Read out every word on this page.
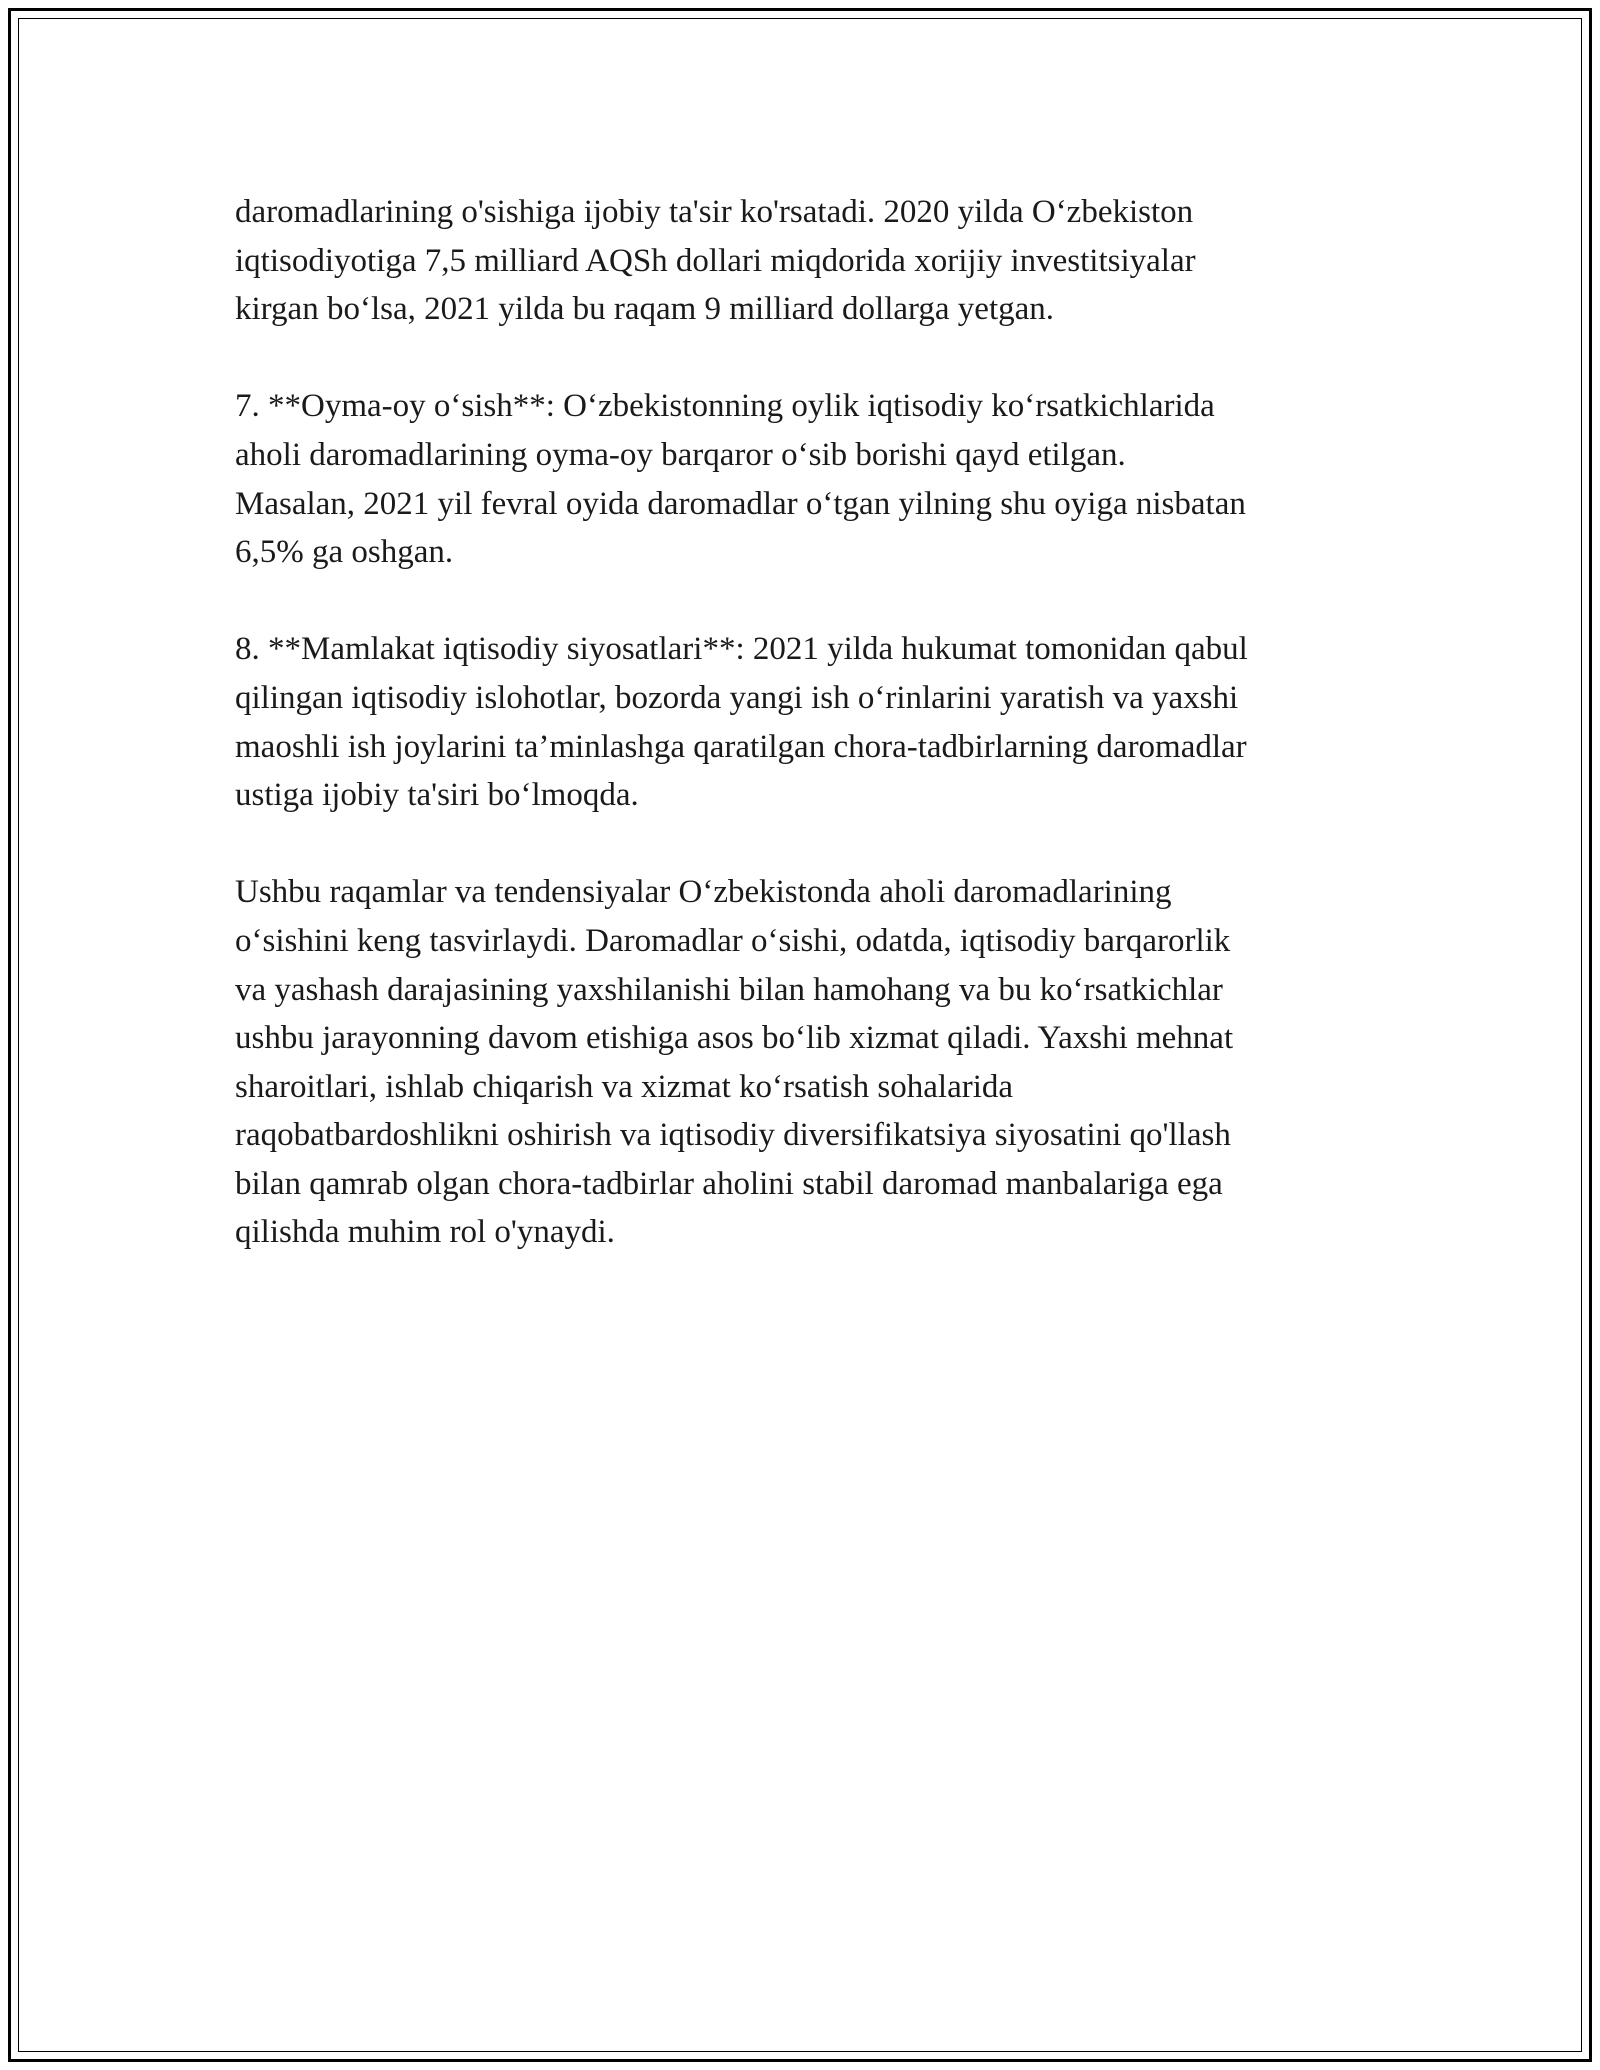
daromadlarining o'sishiga ijobiy ta'sir ko'rsatadi. 2020 yilda O‘zbekiston
iqtisodiyotiga 7,5 milliard AQSh dollari miqdorida xorijiy investitsiyalar
kirgan bo‘lsa, 2021 yilda bu raqam 9 milliard dollarga yetgan.

7. **Oyma-oy o‘sish**: O‘zbekistonning oylik iqtisodiy ko‘rsatkichlarida
aholi daromadlarining oyma-oy barqaror o‘sib borishi qayd etilgan.
Masalan, 2021 yil fevral oyida daromadlar o‘tgan yilning shu oyiga nisbatan
6,5% ga oshgan.

8. **Mamlakat iqtisodiy siyosatlari**: 2021 yilda hukumat tomonidan qabul
qilingan iqtisodiy islohotlar, bozorda yangi ish o‘rinlarini yaratish va yaxshi
maoshli ish joylarini ta’minlashga qaratilgan chora-tadbirlarning daromadlar
ustiga ijobiy ta'siri bo‘lmoqda.

Ushbu raqamlar va tendensiyalar O‘zbekistonda aholi daromadlarining
o‘sishini keng tasvirlaydi. Daromadlar o‘sishi, odatda, iqtisodiy barqarorlik
va yashash darajasining yaxshilanishi bilan hamohang va bu ko‘rsatkichlar
ushbu jarayonning davom etishiga asos bo‘lib xizmat qiladi. Yaxshi mehnat
sharoitlari, ishlab chiqarish va xizmat ko‘rsatish sohalarida
raqobatbardoshlikni oshirish va iqtisodiy diversifikatsiya siyosatini qo'llash
bilan qamrab olgan chora-tadbirlar aholini stabil daromad manbalariga ega
qilishda muhim rol o'ynaydi.
